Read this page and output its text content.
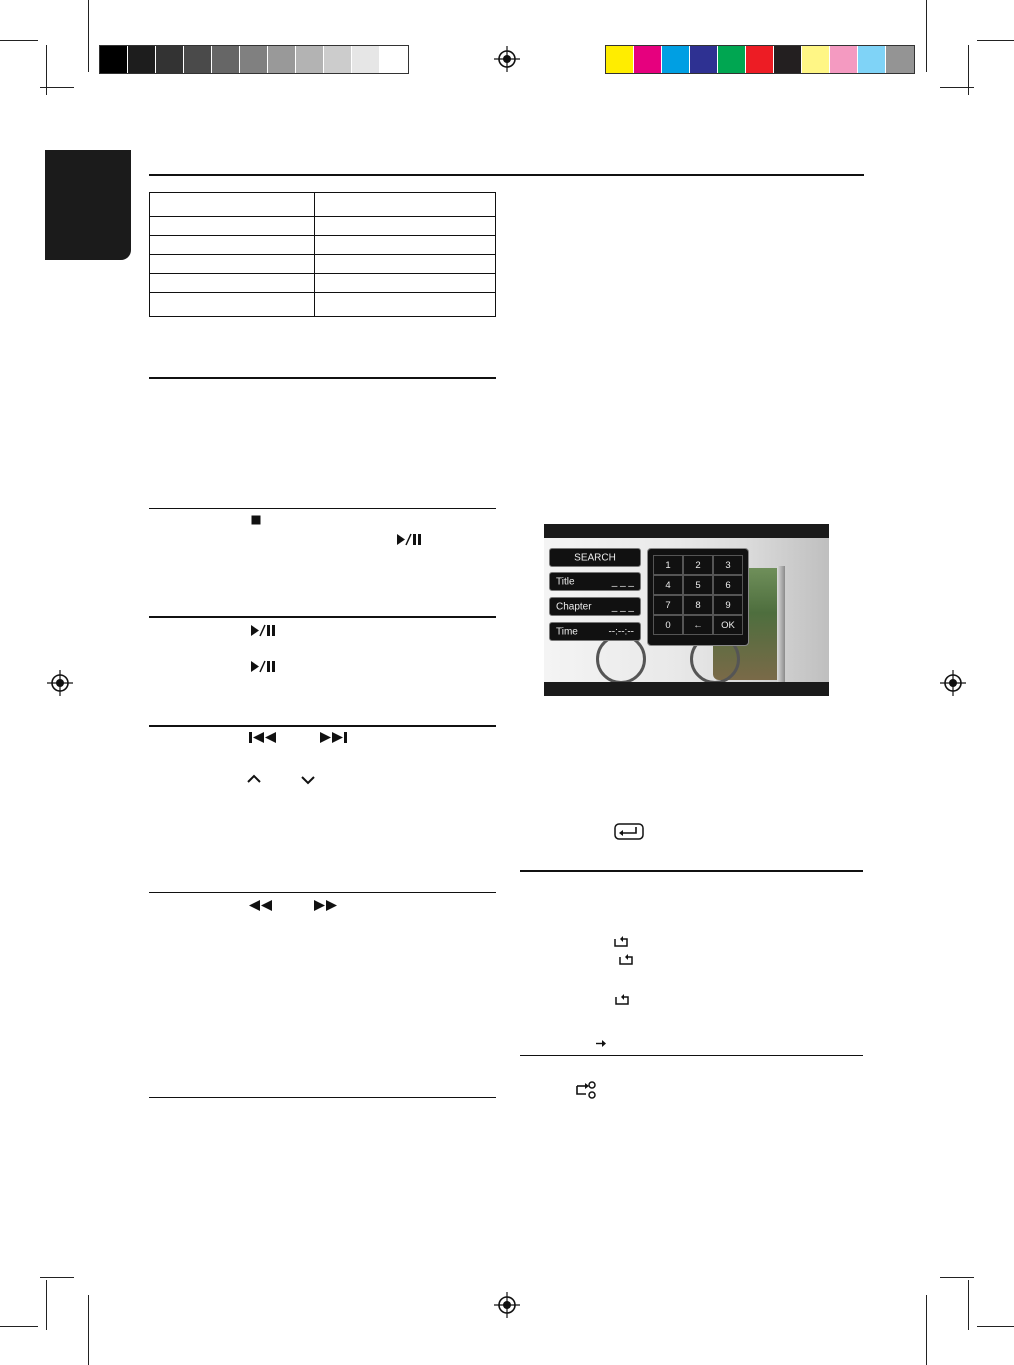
SEARCH
Title	_ _ _
Chapter _ _ _
Time	--:--:--
1	2	3
4	5	6
7	8	9
0	←	OK
